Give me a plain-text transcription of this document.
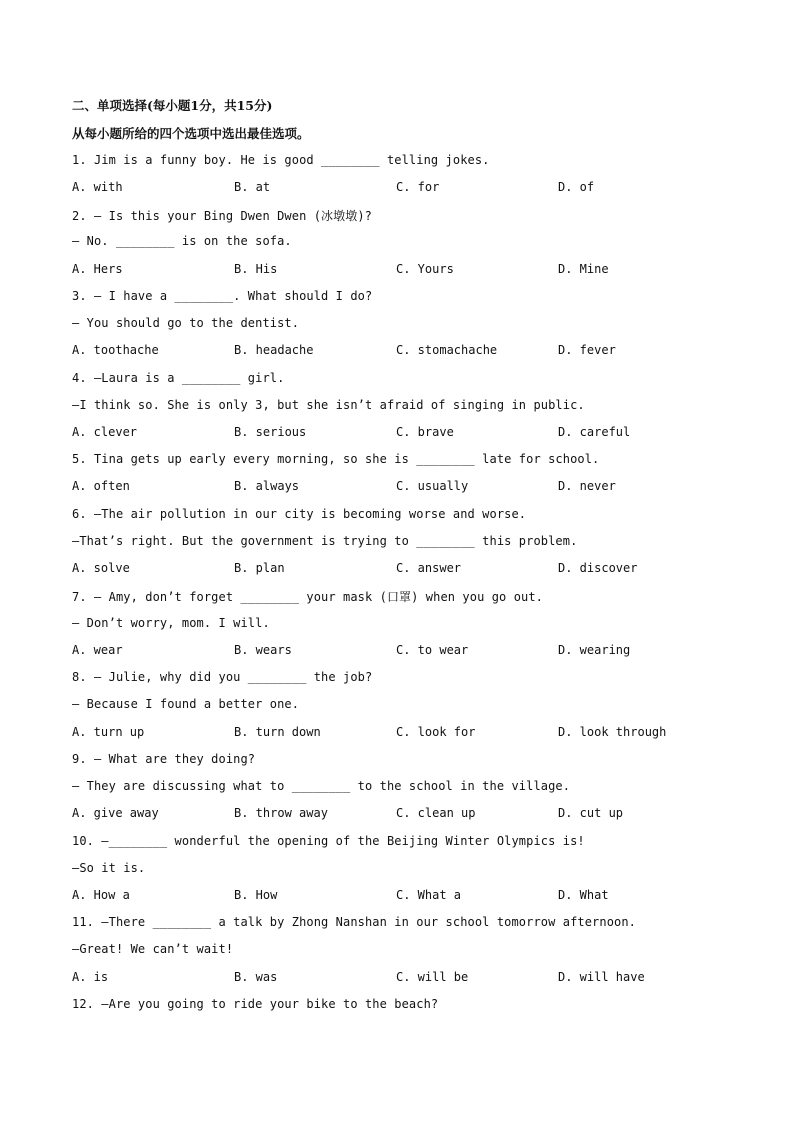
二、单项选择(每小题1分，共15分)
从每小题所给的四个选项中选出最佳选项。
1. Jim is a funny boy. He is good ________ telling jokes.
A. with	B. at	C. for	D. of
2. — Is this your Bing Dwen Dwen (冰墩墩)?
— No. ________ is on the sofa.
A. Hers	B. His	C. Yours	D. Mine
3. — I have a ________. What should I do?
— You should go to the dentist.
A. toothache	B. headache	C. stomachache	D. fever
4. —Laura is a ________ girl.
—I think so. She is only 3, but she isn’t afraid of singing in public.
A. clever	B. serious	C. brave	D. careful
5. Tina gets up early every morning, so she is ________ late for school.
A. often	B. always	C. usually	D. never
6. —The air pollution in our city is becoming worse and worse.
—That’s right. But the government is trying to ________ this problem.
A. solve	B. plan	C. answer	D. discover
7. — Amy, don’t forget ________ your mask (口罩) when you go out.
— Don’t worry, mom. I will.
A. wear	B. wears	C. to wear	D. wearing
8. — Julie, why did you ________ the job?
— Because I found a better one.
A. turn up	B. turn down	C. look for	D. look through
9. — What are they doing?
— They are discussing what to ________ to the school in the village.
A. give away	B. throw away	C. clean up	D. cut up
10. —________ wonderful the opening of the Beijing Winter Olympics is!
—So it is.
A. How a	B. How	C. What a	D. What
11. —There ________ a talk by Zhong Nanshan in our school tomorrow afternoon.
—Great! We can’t wait!
A. is	B. was	C. will be	D. will have
12. —Are you going to ride your bike to the beach?
